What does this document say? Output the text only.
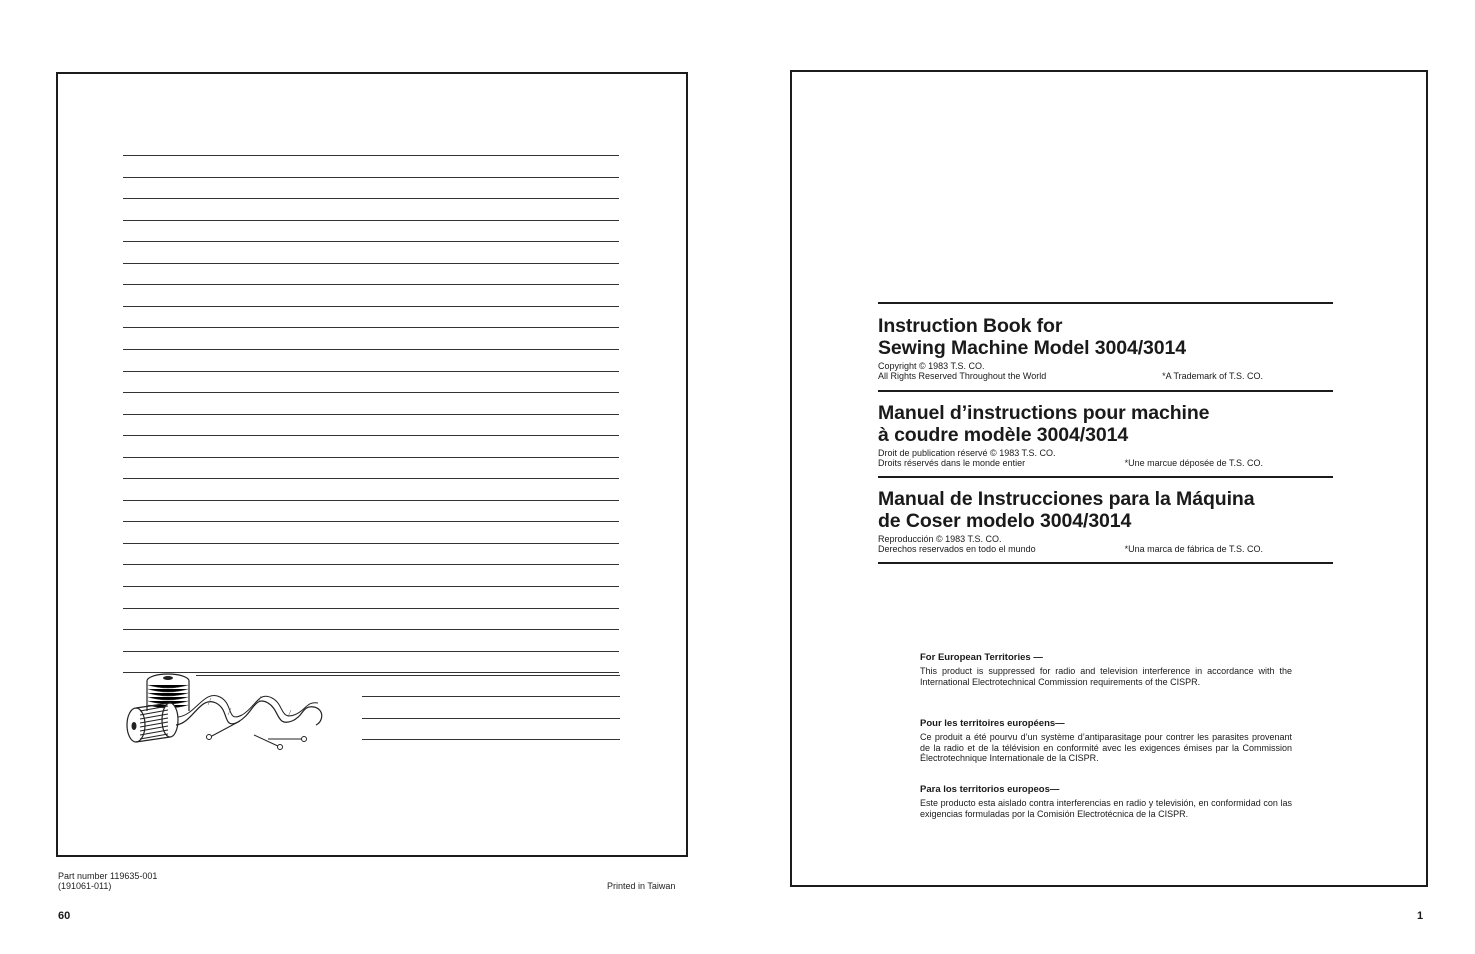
Part number 119635-001
(191061-011)	Printed in Taiwan
60

Instruction Book for

Sewing Machine Model 3004/3014

Copyright © 1983 T.S. CO.
All Rights Reserved Throughout the World	*A Trademark of T.S. CO.

Manuel d’instructions pour machine

à coudre modèle 3004/3014

Droit de publication réservé © 1983 T.S. CO.
Droits réservés dans le monde entier	*Une marcue déposée de T.S. CO.

Manual de Instrucciones para la Máquina

de Coser modelo 3004/3014

Reproducción © 1983 T.S. CO.
Derechos reservados en todo el mundo	*Una marca de fábrica de T.S. CO.
For European Territories —

This product is suppressed for radio and television interference in accordance with the International Electrotechnical Commission requirements of the CISPR.

Pour les territoires européens—

Ce produit a été pourvu d’un système d’antiparasitage pour contrer les parasites provenant de la radio et de la télévision en conformité avec les exigences émises par la Commission Électrotechnique Internationale de la CISPR.

Para los territorios europeos—

Este producto esta aislado contra interferencias en radio y televisión, en conformidad con las exigencias formuladas por la Comisión Electrotécnica de la CISPR.

1
